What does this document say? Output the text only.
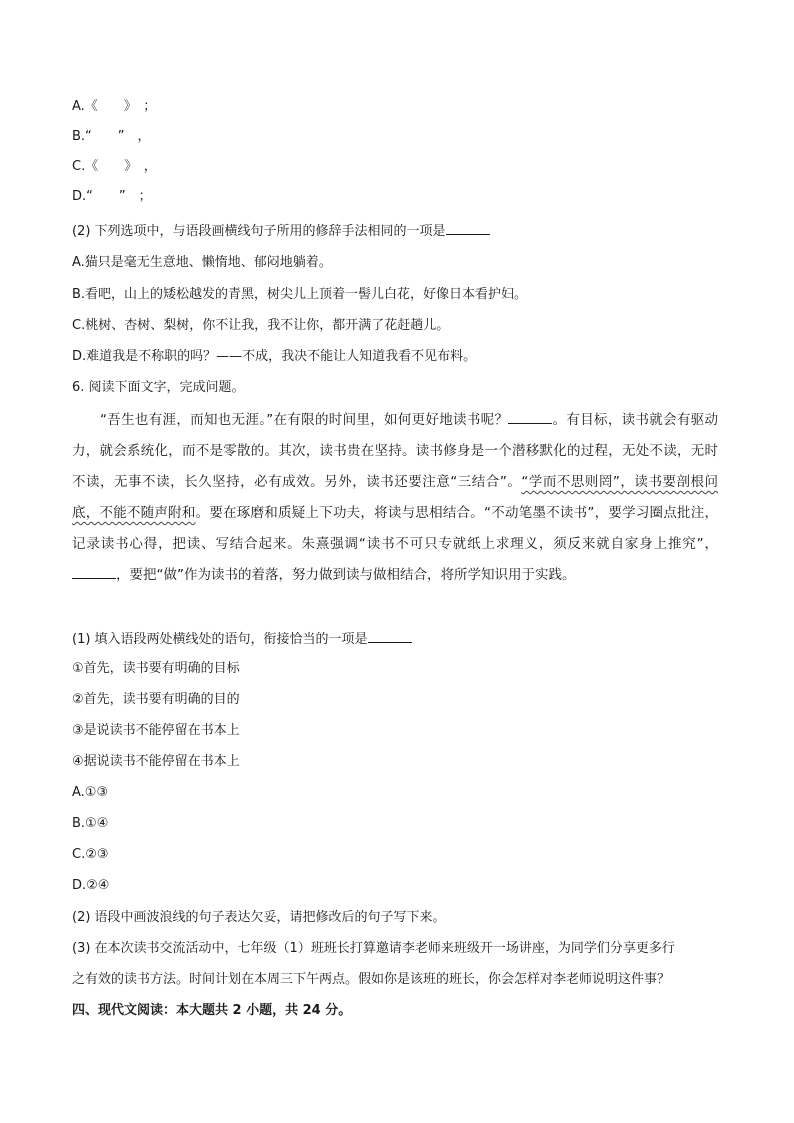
A.《　　》　；
B.“　　”　，
C.《　　》　，
D.“　　”　；
(2) 下列选项中，与语段画横线句子所用的修辞手法相同的一项是
A.猫只是毫无生意地、懒惰地、郁闷地躺着。
B.看吧，山上的矮松越发的青黑，树尖儿上顶着一髻儿白花，好像日本看护妇。
C.桃树、杏树、梨树，你不让我，我不让你，都开满了花赶趟儿。
D.难道我是不称职的吗？——不成，我决不能让人知道我看不见布料。
6. 阅读下面文字，完成问题。
“吾生也有涯，而知也无涯。”在有限的时间里，如何更好地读书呢？	。有目标，读书就会有驱动力，就会系统化，而不是零散的。其次，读书贵在坚持。读书修身是一个潜移默化的过程，无处不读，无时不读，无事不读，长久坚持，必有成效。另外，读书还要注意“三结合”。“学而不思则罔”，读书要剖根问底，不能不随声附和。要在琢磨和质疑上下功夫，将读与思相结合。“不动笔墨不读书”，要学习圈点批注，记录读书心得，把读、写结合起来。朱熹强调“读书不可只专就纸上求理义，须反来就自家身上推究”，，要把“做”作为读书的着落，努力做到读与做相结合，将所学知识用于实践。
(1) 填入语段两处横线处的语句，衔接恰当的一项是
①首先，读书要有明确的目标
②首先，读书要有明确的目的
③是说读书不能停留在书本上
④据说读书不能停留在书本上
A.①③
B.①④
C.②③
D.②④
(2) 语段中画波浪线的句子表达欠妥，请把修改后的句子写下来。
(3) 在本次读书交流活动中，七年级（1）班班长打算邀请李老师来班级开一场讲座，为同学们分享更多行
之有效的读书方法。时间计划在本周三下午两点。假如你是该班的班长，你会怎样对李老师说明这件事？
四、现代文阅读：本大题共 2 小题，共 24 分。
